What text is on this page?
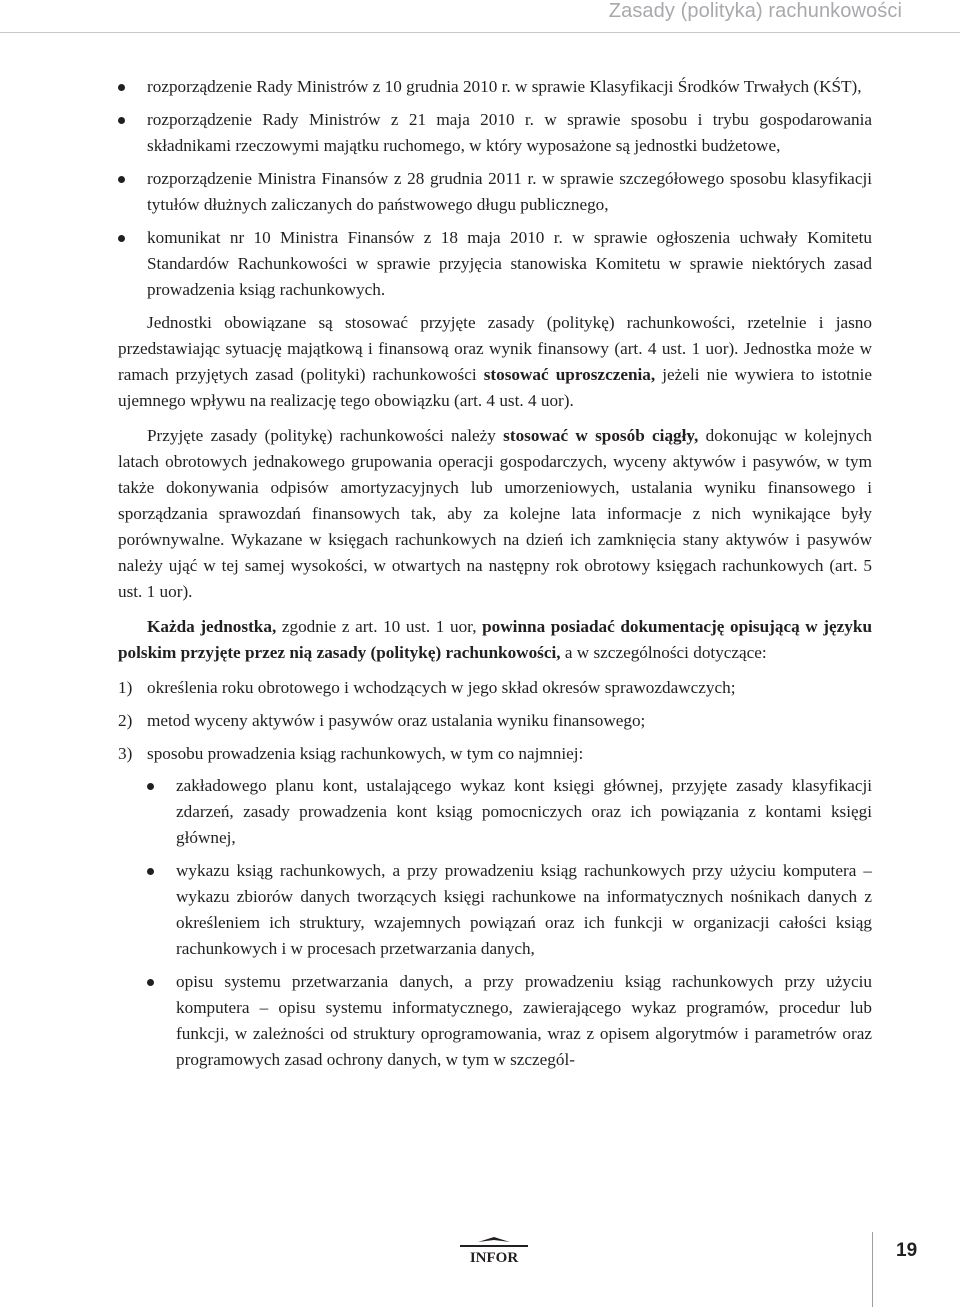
Zasady (polityka) rachunkowości
rozporządzenie Rady Ministrów z 10 grudnia 2010 r. w sprawie Klasyfikacji Środków Trwałych (KŚT),
rozporządzenie Rady Ministrów z 21 maja 2010 r. w sprawie sposobu i trybu gospodarowania składnikami rzeczowymi majątku ruchomego, w który wyposażone są jednostki budżetowe,
rozporządzenie Ministra Finansów z 28 grudnia 2011 r. w sprawie szczegółowego sposobu klasyfikacji tytułów dłużnych zaliczanych do państwowego długu publicznego,
komunikat nr 10 Ministra Finansów z 18 maja 2010 r. w sprawie ogłoszenia uchwały Komitetu Standardów Rachunkowości w sprawie przyjęcia stanowiska Komitetu w sprawie niektórych zasad prowadzenia ksiąg rachunkowych.

Jednostki obowiązane są stosować przyjęte zasady (politykę) rachunkowości, rzetelnie i jasno przedstawiając sytuację majątkową i finansową oraz wynik finansowy (art. 4 ust. 1 uor). Jednostka może w ramach przyjętych zasad (polityki) rachunkowości stosować uproszczenia, jeżeli nie wywiera to istotnie ujemnego wpływu na realizację tego obowiązku (art. 4 ust. 4 uor).

Przyjęte zasady (politykę) rachunkowości należy stosować w sposób ciągły, dokonując w kolejnych latach obrotowych jednakowego grupowania operacji gospodarczych, wyceny aktywów i pasywów, w tym także dokonywania odpisów amortyzacyjnych lub umorzeniowych, ustalania wyniku finansowego i sporządzania sprawozdań finansowych tak, aby za kolejne lata informacje z nich wynikające były porównywalne. Wykazane w księgach rachunkowych na dzień ich zamknięcia stany aktywów i pasywów należy ująć w tej samej wysokości, w otwartych na następny rok obrotowy księgach rachunkowych (art. 5 ust. 1 uor).

Każda jednostka, zgodnie z art. 10 ust. 1 uor, powinna posiadać dokumentację opisującą w języku polskim przyjęte przez nią zasady (politykę) rachunkowości, a w szczególności dotyczące:

1) określenia roku obrotowego i wchodzących w jego skład okresów sprawozdawczych;
2) metod wyceny aktywów i pasywów oraz ustalania wyniku finansowego;
3) sposobu prowadzenia ksiąg rachunkowych, w tym co najmniej:
zakładowego planu kont, ustalającego wykaz kont księgi głównej, przyjęte zasady klasyfikacji zdarzeń, zasady prowadzenia kont ksiąg pomocniczych oraz ich powiązania z kontami księgi głównej,
wykazu ksiąg rachunkowych, a przy prowadzeniu ksiąg rachunkowych przy użyciu komputera – wykazu zbiorów danych tworzących księgi rachunkowe na informatycznych nośnikach danych z określeniem ich struktury, wzajemnych powiązań oraz ich funkcji w organizacji całości ksiąg rachunkowych i w procesach przetwarzania danych,
opisu systemu przetwarzania danych, a przy prowadzeniu ksiąg rachunkowych przy użyciu komputera – opisu systemu informatycznego, zawierającego wykaz programów, procedur lub funkcji, w zależności od struktury oprogramowania, wraz z opisem algorytmów i parametrów oraz programowych zasad ochrony danych, w tym w szczegól-
INFOR	19
